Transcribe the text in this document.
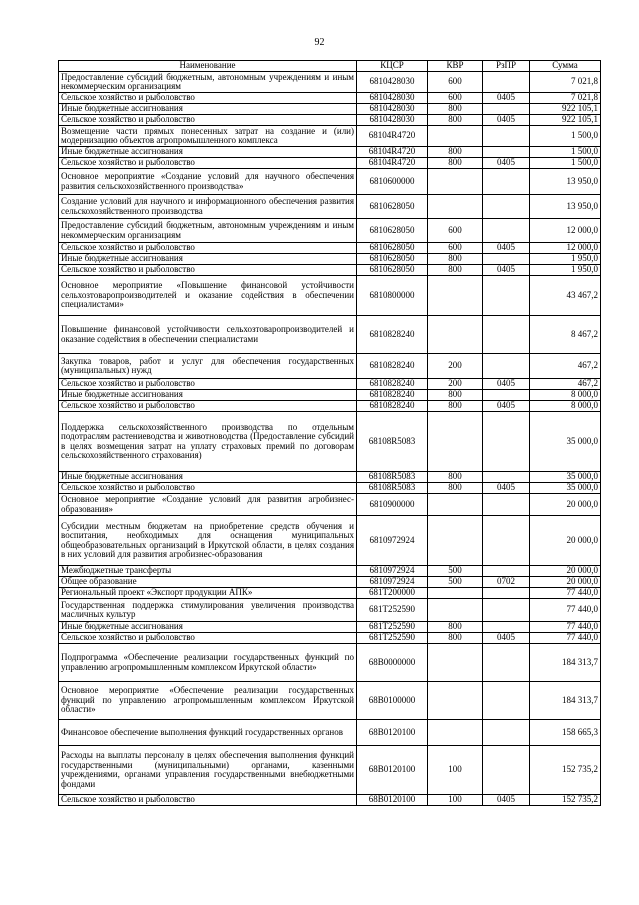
92
Наименование	КЦСР	КВР	РзПР	Сумма
Предоставление субсидий бюджетным, автономным учреждениям и иным некоммерческим организациям	6810428030	600		7 021,8
Сельское хозяйство и рыболовство	6810428030	600	0405	7 021,8
Иные бюджетные ассигнования	6810428030	800		922 105,1
Сельское хозяйство и рыболовство	6810428030	800	0405	922 105,1
Возмещение части прямых понесенных затрат на создание и (или) модернизацию объектов агропромышленного комплекса	68104R4720			1 500,0
Иные бюджетные ассигнования	68104R4720	800		1 500,0
Сельское хозяйство и рыболовство	68104R4720	800	0405	1 500,0
Основное мероприятие «Создание условий для научного обеспечения развития сельскохозяйственного производства»	6810600000			13 950,0
Создание условий для научного и информационного обеспечения развития сельскохозяйственного производства	6810628050			13 950,0
Предоставление субсидий бюджетным, автономным учреждениям и иным некоммерческим организациям	6810628050	600		12 000,0
Сельское хозяйство и рыболовство	6810628050	600	0405	12 000,0
Иные бюджетные ассигнования	6810628050	800		1 950,0
Сельское хозяйство и рыболовство	6810628050	800	0405	1 950,0
Основное мероприятие «Повышение финансовой устойчивости сельхозтоваропроизводителей и оказание содействия в обеспечении специалистами»	6810800000			43 467,2
Повышение финансовой устойчивости сельхозтоваропроизводителей и оказание содействия в обеспечении специалистами	6810828240			8 467,2
Закупка товаров, работ и услуг для обеспечения государственных (муниципальных) нужд	6810828240	200		467,2
Сельское хозяйство и рыболовство	6810828240	200	0405	467,2
Иные бюджетные ассигнования	6810828240	800		8 000,0
Сельское хозяйство и рыболовство	6810828240	800	0405	8 000,0
Поддержка сельскохозяйственного производства по отдельным подотраслям растениеводства и животноводства (Предоставление субсидий в целях возмещения затрат на уплату страховых премий по договорам сельскохозяйственного страхования)	68108R5083			35 000,0
Иные бюджетные ассигнования	68108R5083	800		35 000,0
Сельское хозяйство и рыболовство	68108R5083	800	0405	35 000,0
Основное мероприятие «Создание условий для развития агробизнес-образования»	6810900000			20 000,0
Субсидии местным бюджетам на приобретение средств обучения и воспитания, необходимых для оснащения муниципальных общеобразовательных организаций в Иркутской области, в целях создания в них условий для развития агробизнес-образования	6810972924			20 000,0
Межбюджетные трансферты	6810972924	500		20 000,0
Общее образование	6810972924	500	0702	20 000,0
Региональный проект «Экспорт продукции АПК»	681T200000			77 440,0
Государственная поддержка стимулирования увеличения производства масличных культур	681T252590			77 440,0
Иные бюджетные ассигнования	681T252590	800		77 440,0
Сельское хозяйство и рыболовство	681T252590	800	0405	77 440,0
Подпрограмма «Обеспечение реализации государственных функций по управлению агропромышленным комплексом Иркутской области»	68В0000000			184 313,7
Основное мероприятие «Обеспечение реализации государственных функций по управлению агропромышленным комплексом Иркутской области»	68В0100000			184 313,7
Финансовое обеспечение выполнения функций государственных органов	68В0120100			158 665,3
Расходы на выплаты персоналу в целях обеспечения выполнения функций государственными (муниципальными) органами, казенными учреждениями, органами управления государственными внебюджетными фондами	68В0120100	100		152 735,2
Сельское хозяйство и рыболовство	68В0120100	100	0405	152 735,2
